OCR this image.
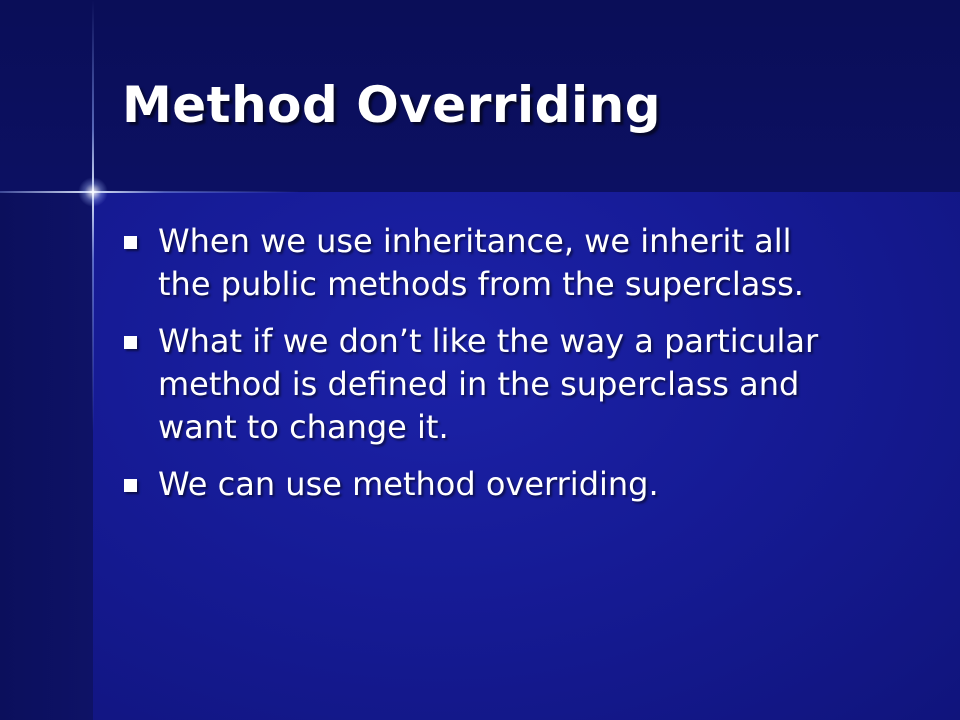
Method Overriding
When we use inheritance, we inherit all the public methods from the superclass.
What if we don’t like the way a particular method is defined in the superclass and want to change it.
We can use method overriding.
